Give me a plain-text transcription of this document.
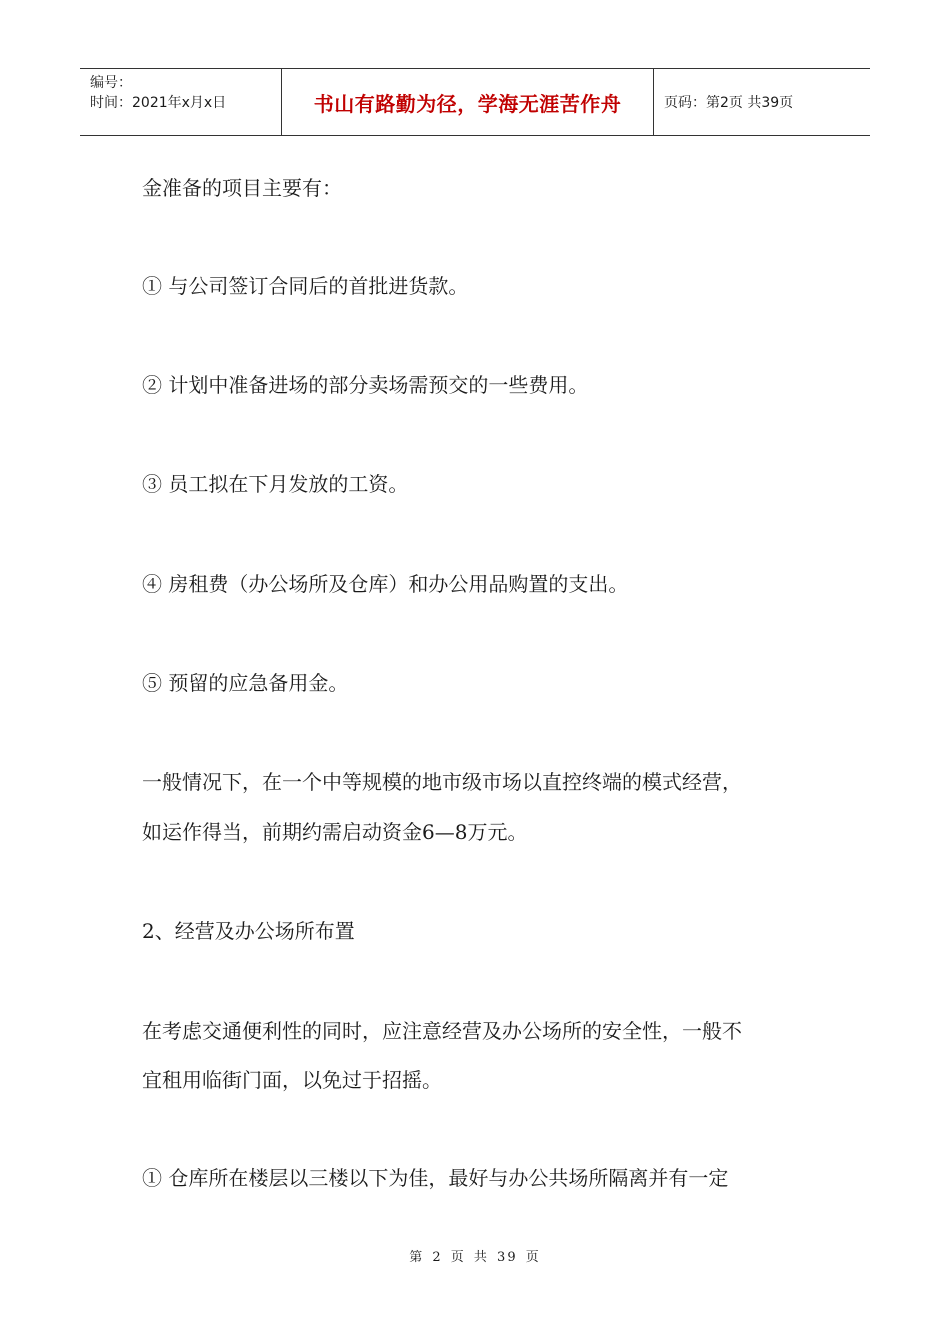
编号：
时间：2021年x月x日	书山有路勤为径，学海无涯苦作舟	页码：第2页 共39页
金准备的项目主要有：
① 与公司签订合同后的首批进货款。
② 计划中准备进场的部分卖场需预交的一些费用。
③ 员工拟在下月发放的工资。
④ 房租费（办公场所及仓库）和办公用品购置的支出。
⑤ 预留的应急备用金。
一般情况下，在一个中等规模的地市级市场以直控终端的模式经营，
如运作得当，前期约需启动资金6—8万元。
2、经营及办公场所布置
在考虑交通便利性的同时，应注意经营及办公场所的安全性，一般不
宜租用临街门面，以免过于招摇。
① 仓库所在楼层以三楼以下为佳，最好与办公共场所隔离并有一定
第 2 页 共 39 页
